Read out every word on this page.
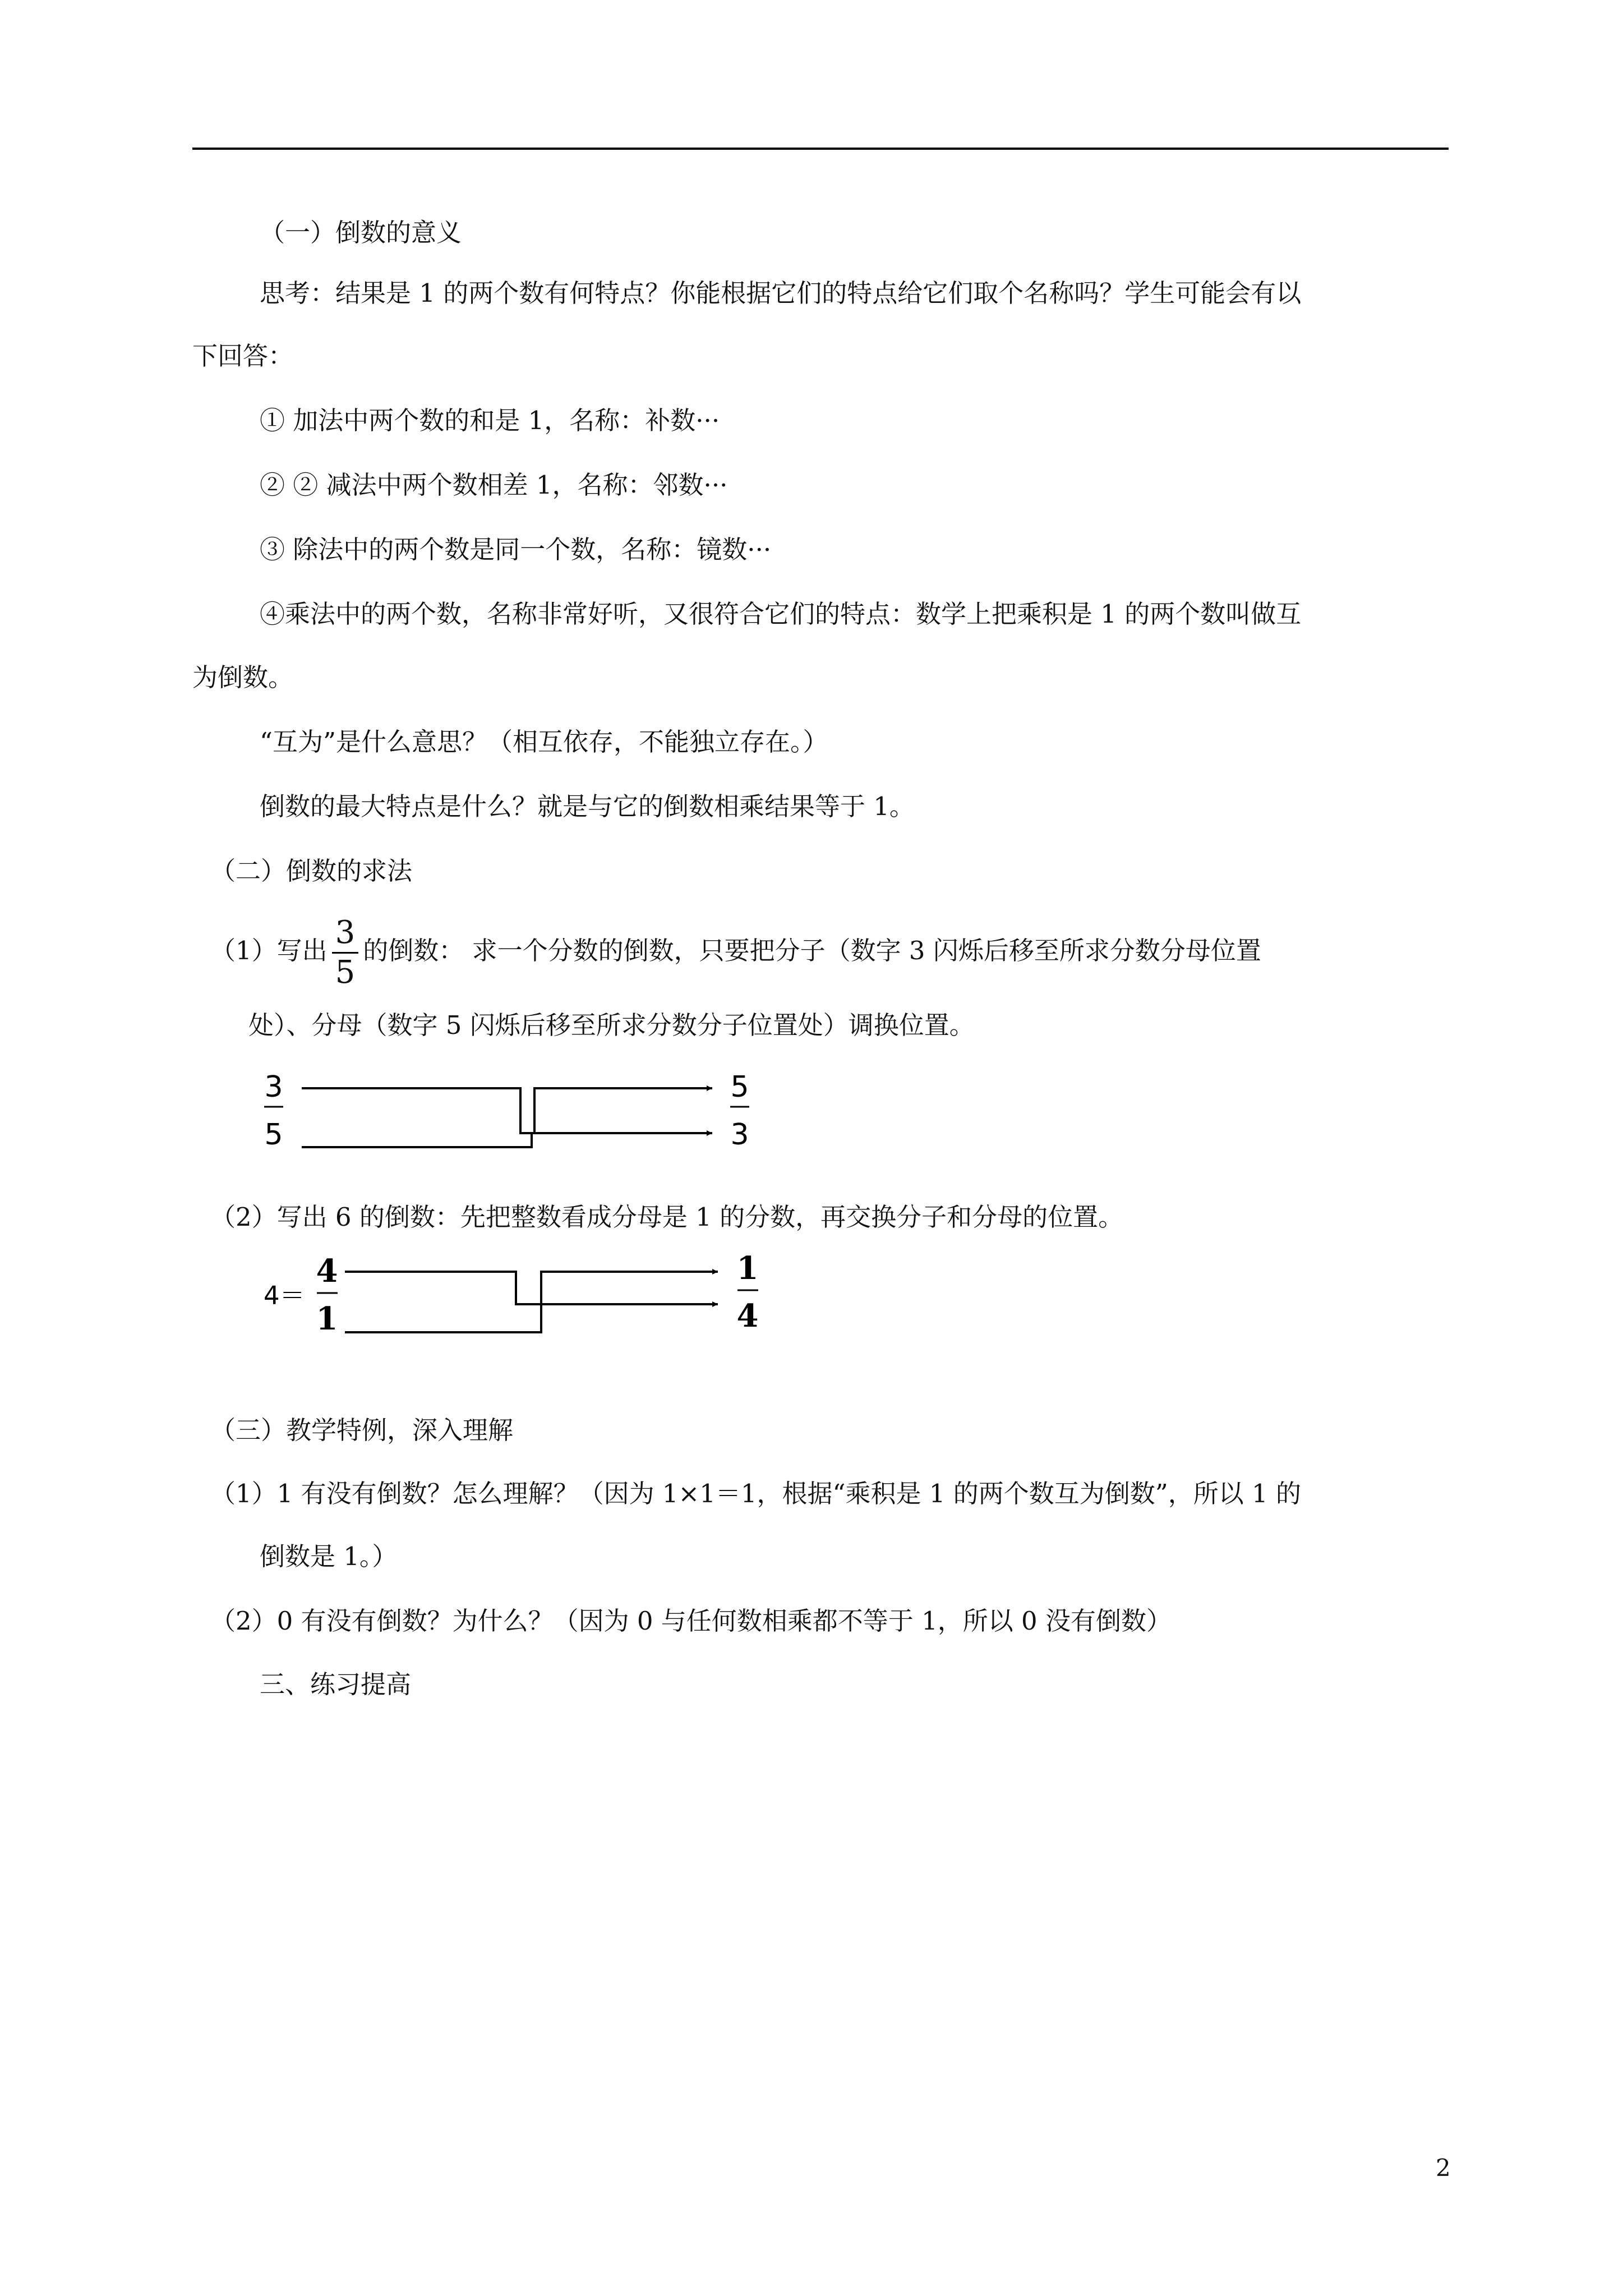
（一）倒数的意义
思考：结果是 1 的两个数有何特点？你能根据它们的特点给它们取个名称吗？学生可能会有以
下回答：
① 加法中两个数的和是 1，名称：补数···
② ② 减法中两个数相差 1，名称：邻数···
③ 除法中的两个数是同一个数，名称：镜数···
④乘法中的两个数，名称非常好听，又很符合它们的特点：数学上把乘积是 1 的两个数叫做互
为倒数。
“互为”是什么意思？（相互依存，不能独立存在。）
倒数的最大特点是什么？就是与它的倒数相乘结果等于 1。
（二）倒数的求法
（1）写出 $\frac{3}{5}$ 的倒数： 求一个分数的倒数，只要把分子（数字 3 闪烁后移至所求分数分母位置
处）、分母（数字 5 闪烁后移至所求分数分子位置处）调换位置。
3
5
5
3
（2）写出 6 的倒数：先把整数看成分母是 1 的分数，再交换分子和分母的位置。
4＝
4
1
1
4
（三）教学特例，深入理解
（1）1 有没有倒数？怎么理解？（因为 1×1＝1，根据“乘积是 1 的两个数互为倒数”，所以 1 的
倒数是 1。）
（2）0 有没有倒数？为什么？（因为 0 与任何数相乘都不等于 1，所以 0 没有倒数）
三、练习提高
2
